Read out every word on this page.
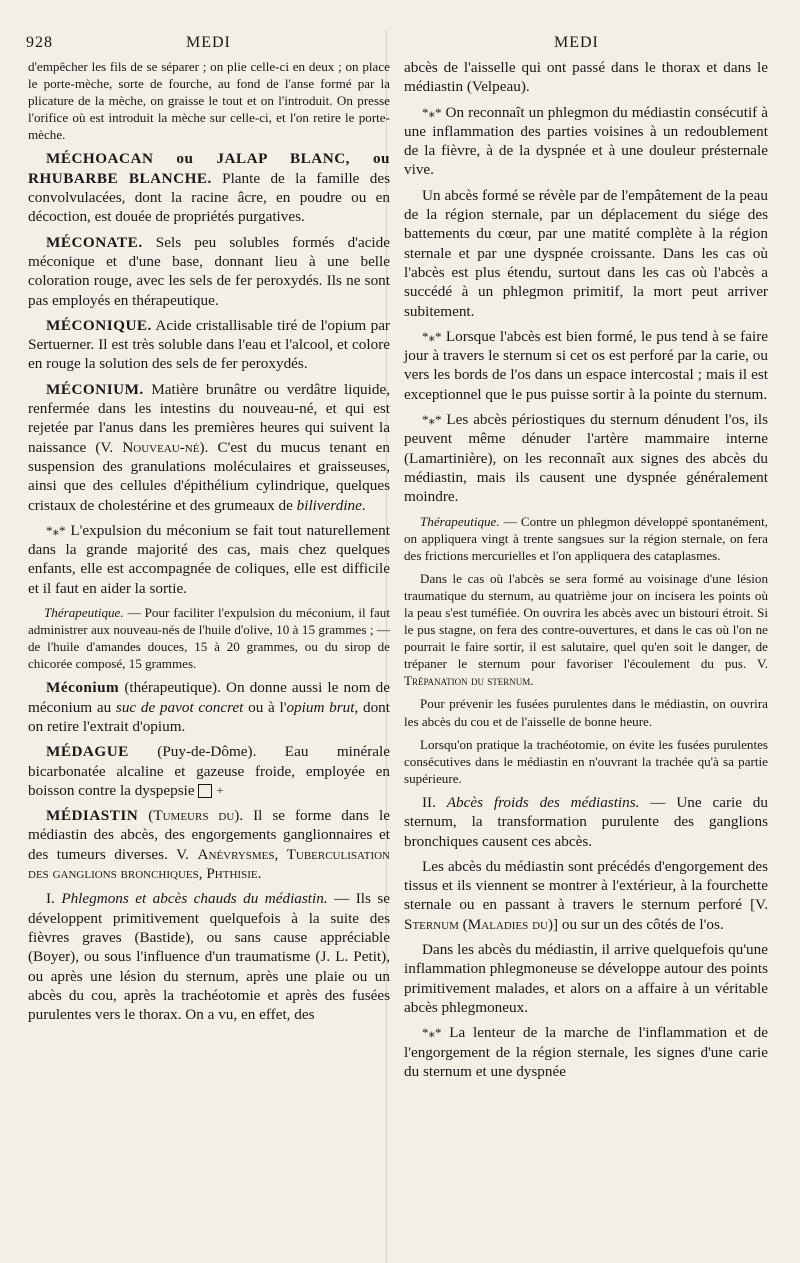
928	MEDI	MEDI

d'empêcher les fils de se séparer ; on plie celle-ci en deux ; on place le porte-mèche, sorte de fourche, au fond de l'anse formé par la plicature de la mèche, on graisse le tout et on l'introduit. On presse l'orifice où est introduit la mèche sur celle-ci, et l'on retire le porte-mèche.

MÉCHOACAN ou JALAP BLANC, ou RHUBARBE BLANCHE. Plante de la famille des convolvulacées, dont la racine âcre, en poudre ou en décoction, est douée de propriétés purgatives.

MÉCONATE. Sels peu solubles formés d'acide méconique et d'une base, donnant lieu à une belle coloration rouge, avec les sels de fer peroxydés. Ils ne sont pas employés en thérapeutique.

MÉCONIQUE. Acide cristallisable tiré de l'opium par Sertuerner. Il est très soluble dans l'eau et l'alcool, et colore en rouge la solution des sels de fer peroxydés.

MÉCONIUM. Matière brunâtre ou verdâtre liquide, renfermée dans les intestins du nouveau-né, et qui est rejetée par l'anus dans les premières heures qui suivent la naissance (V. Nouveau-né). C'est du mucus tenant en suspension des granulations moléculaires et graisseuses, ainsi que des cellules d'épithélium cylindrique, quelques cristaux de cholestérine et des grumeaux de biliverdine.

*⁎* L'expulsion du méconium se fait tout naturellement dans la grande majorité des cas, mais chez quelques enfants, elle est accompagnée de coliques, elle est difficile et il faut en aider la sortie.

Thérapeutique. — Pour faciliter l'expulsion du méconium, il faut administrer aux nouveau-nés de l'huile d'olive, 10 à 15 grammes ; — de l'huile d'amandes douces, 15 à 20 grammes, ou du sirop de chicorée composé, 15 grammes.

Méconium (thérapeutique). On donne aussi le nom de méconium au suc de pavot concret ou à l'opium brut, dont on retire l'extrait d'opium.

MÉDAGUE (Puy-de-Dôme). Eau minérale bicarbonatée alcaline et gazeuse froide, employée en boisson contre la dyspepsie +

MÉDIASTIN (Tumeurs du). Il se forme dans le médiastin des abcès, des engorgements ganglionnaires et des tumeurs diverses. V. Anévrysmes, Tuberculisation des ganglions bronchiques, Phthisie.

I. Phlegmons et abcès chauds du médiastin. — Ils se développent primitivement quelquefois à la suite des fièvres graves (Bastide), ou sans cause appréciable (Boyer), ou sous l'influence d'un traumatisme (J. L. Petit), ou après une lésion du sternum, après une plaie ou un abcès du cou, après la trachéotomie et après des fusées purulentes vers le thorax. On a vu, en effet, des

abcès de l'aisselle qui ont passé dans le thorax et dans le médiastin (Velpeau).

*⁎* On reconnaît un phlegmon du médiastin consécutif à une inflammation des parties voisines à un redoublement de la fièvre, à de la dyspnée et à une douleur présternale vive.

Un abcès formé se révèle par de l'empâtement de la peau de la région sternale, par un déplacement du siége des battements du cœur, par une matité complète à la région sternale et par une dyspnée croissante. Dans les cas où l'abcès est plus étendu, surtout dans les cas où l'abcès a succédé à un phlegmon primitif, la mort peut arriver subitement.

*⁎* Lorsque l'abcès est bien formé, le pus tend à se faire jour à travers le sternum si cet os est perforé par la carie, ou vers les bords de l'os dans un espace intercostal ; mais il est exceptionnel que le pus puisse sortir à la pointe du sternum.

*⁎* Les abcès périostiques du sternum dénudent l'os, ils peuvent même dénuder l'artère mammaire interne (Lamartinière), on les reconnaît aux signes des abcès du médiastin, mais ils causent une dyspnée généralement moindre.

Thérapeutique. — Contre un phlegmon développé spontanément, on appliquera vingt à trente sangsues sur la région sternale, on fera des frictions mercurielles et l'on appliquera des cataplasmes.

Dans le cas où l'abcès se sera formé au voisinage d'une lésion traumatique du sternum, au quatrième jour on incisera les points où la peau s'est tuméfiée. On ouvrira les abcès avec un bistouri étroit. Si le pus stagne, on fera des contre-ouvertures, et dans le cas où l'on ne pourrait le faire sortir, il est salutaire, quel qu'en soit le danger, de trépaner le sternum pour favoriser l'écoulement du pus. V. Trépanation du sternum.

Pour prévenir les fusées purulentes dans le médiastin, on ouvrira les abcès du cou et de l'aisselle de bonne heure.

Lorsqu'on pratique la trachéotomie, on évite les fusées purulentes consécutives dans le médiastin en n'ouvrant la trachée qu'à sa partie supérieure.

II. Abcès froids des médiastins. — Une carie du sternum, la transformation purulente des ganglions bronchiques causent ces abcès.

Les abcès du médiastin sont précédés d'engorgement des tissus et ils viennent se montrer à l'extérieur, à la fourchette sternale ou en passant à travers le sternum perforé [V. Sternum (Maladies du)] ou sur un des côtés de l'os.

Dans les abcès du médiastin, il arrive quelquefois qu'une inflammation phlegmoneuse se développe autour des points primitivement malades, et alors on a affaire à un véritable abcès phlegmoneux.

*⁎* La lenteur de la marche de l'inflammation et de l'engorgement de la région sternale, les signes d'une carie du sternum et une dyspnée
